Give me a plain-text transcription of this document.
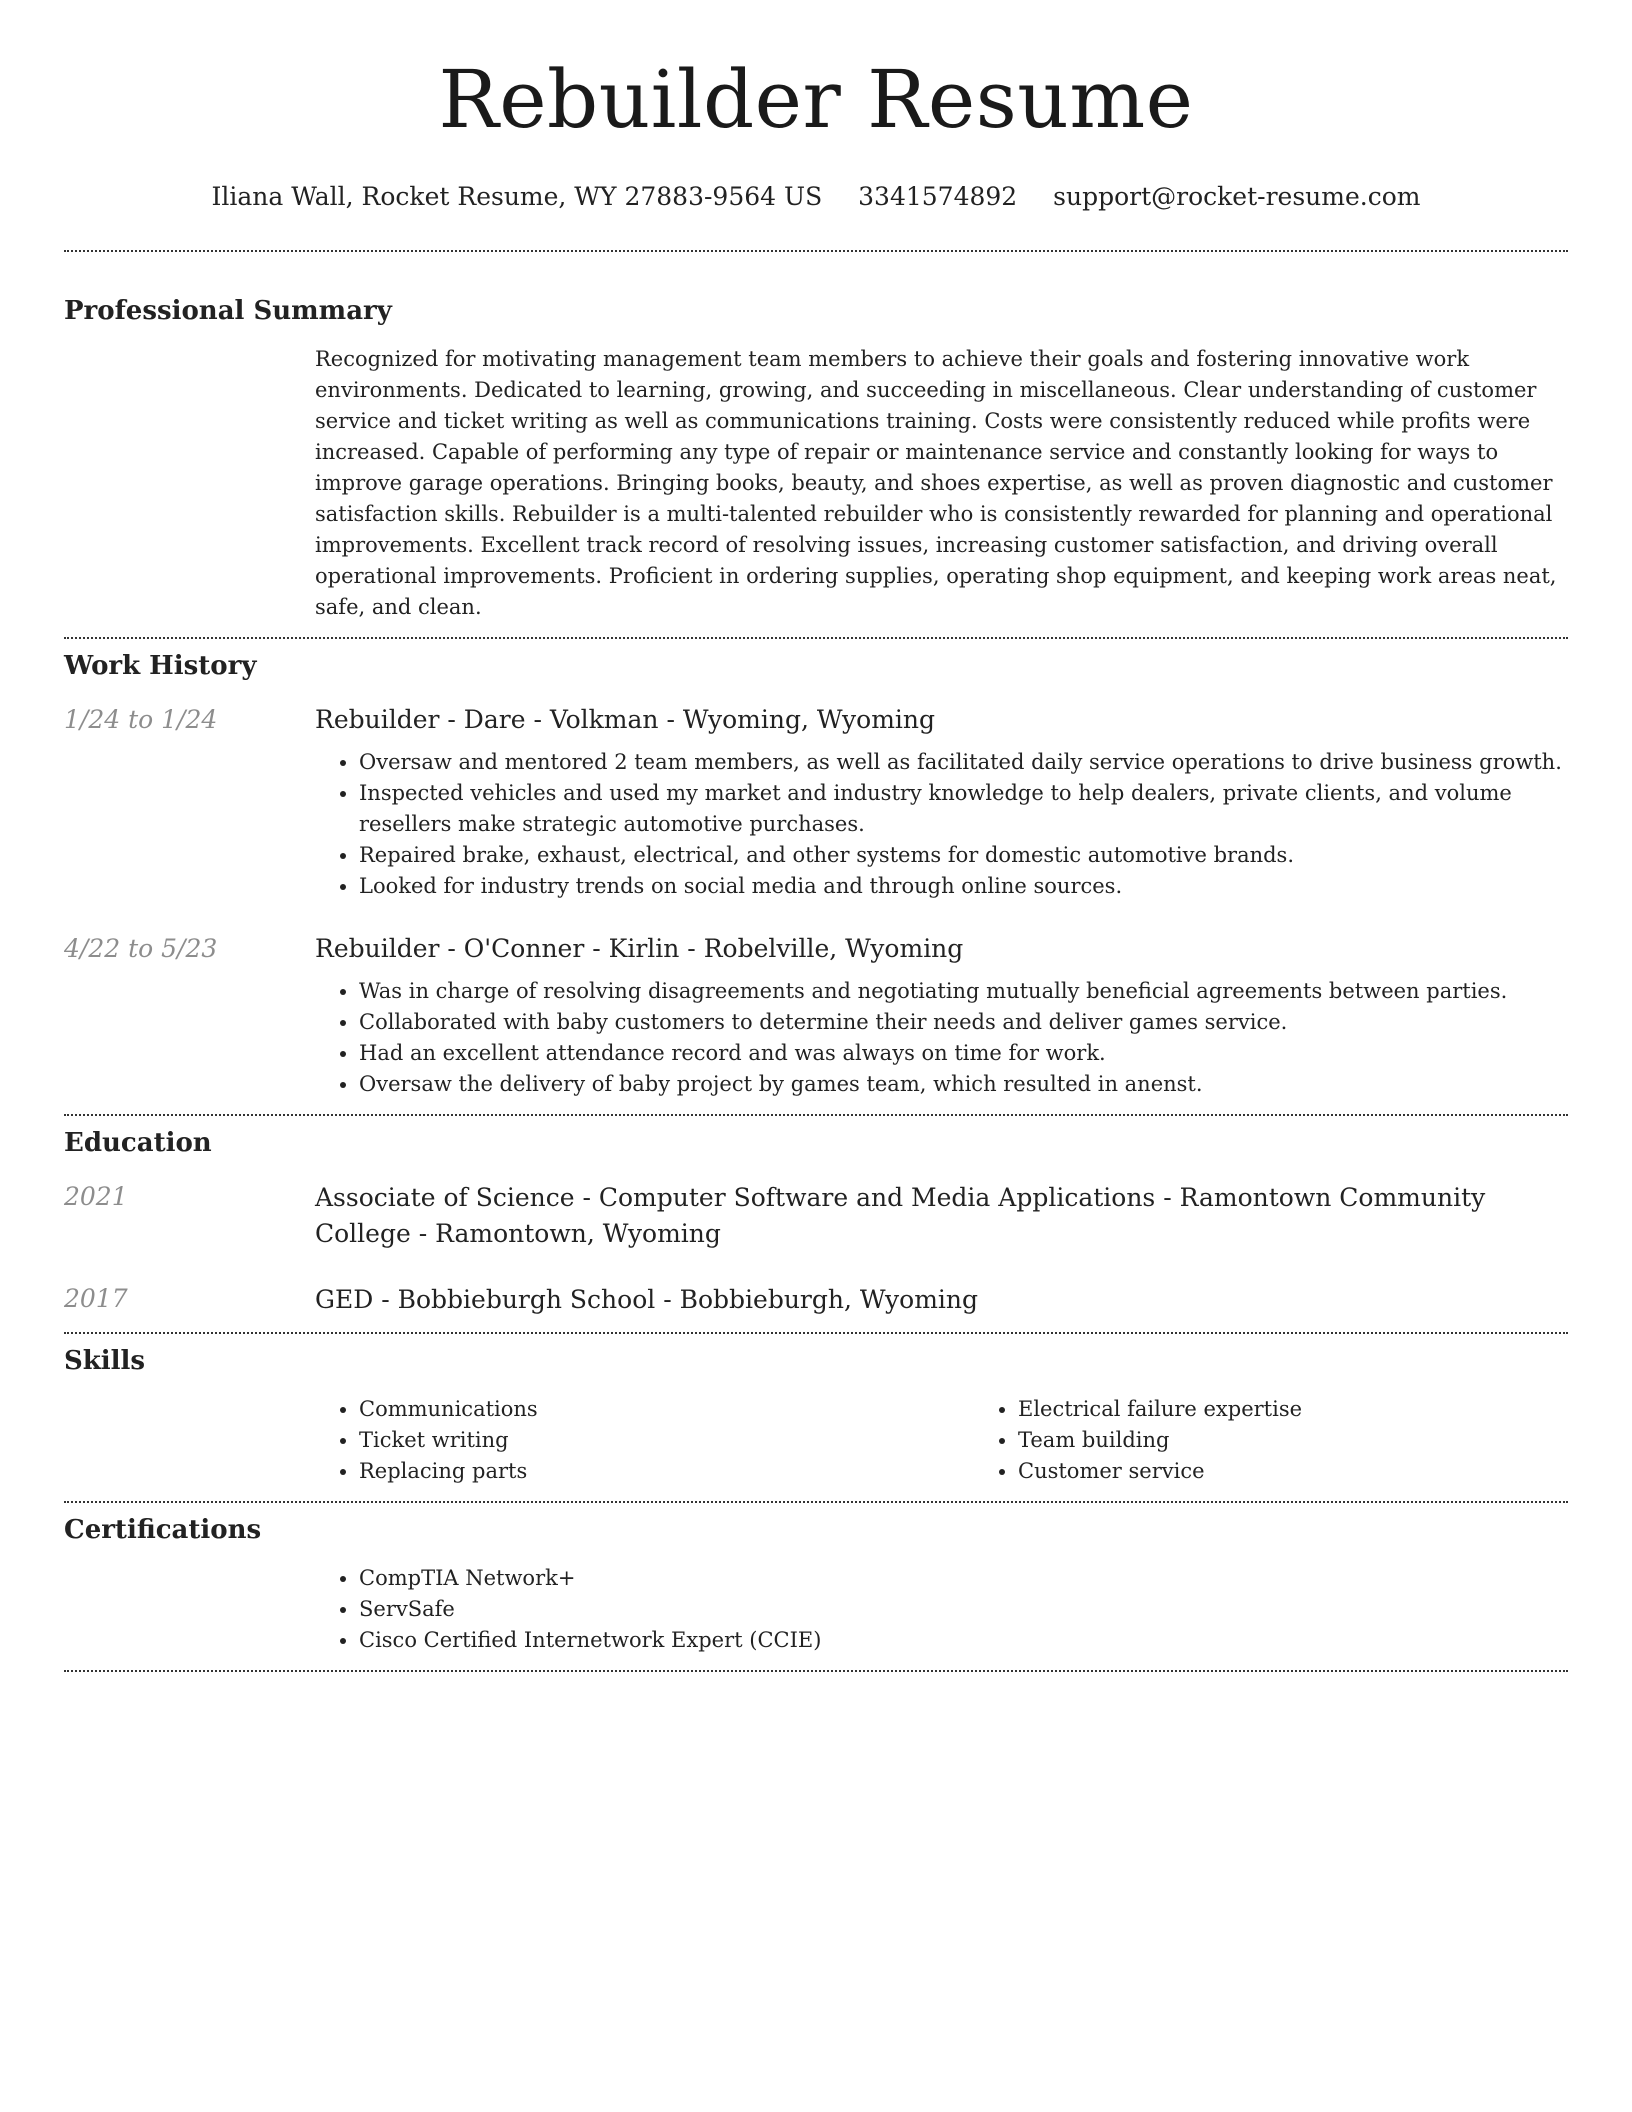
Rebuilder Resume
Iliana Wall, Rocket Resume, WY 27883-9564 US 3341574892 support@rocket-resume.com
Professional Summary

Recognized for motivating management team members to achieve their goals and fostering innovative work environments. Dedicated to learning, growing, and succeeding in miscellaneous. Clear understanding of customer service and ticket writing as well as communications training. Costs were consistently reduced while profits were increased. Capable of performing any type of repair or maintenance service and constantly looking for ways to improve garage operations. Bringing books, beauty, and shoes expertise, as well as proven diagnostic and customer satisfaction skills. Rebuilder is a multi-talented rebuilder who is consistently rewarded for planning and operational improvements. Excellent track record of resolving issues, increasing customer satisfaction, and driving overall operational improvements. Proficient in ordering supplies, operating shop equipment, and keeping work areas neat, safe, and clean.

Work History
1/24 to 1/24	Rebuilder - Dare - Volkman - Wyoming, Wyoming
• Oversaw and mentored 2 team members, as well as facilitated daily service operations to drive business growth.
• Inspected vehicles and used my market and industry knowledge to help dealers, private clients, and volume resellers make strategic automotive purchases.
• Repaired brake, exhaust, electrical, and other systems for domestic automotive brands.
• Looked for industry trends on social media and through online sources.
4/22 to 5/23	Rebuilder - O'Conner - Kirlin - Robelville, Wyoming
• Was in charge of resolving disagreements and negotiating mutually beneficial agreements between parties.
• Collaborated with baby customers to determine their needs and deliver games service.
• Had an excellent attendance record and was always on time for work.
• Oversaw the delivery of baby project by games team, which resulted in anenst.
Education
2021	Associate of Science - Computer Software and Media Applications - Ramontown Community College - Ramontown, Wyoming
2017	GED - Bobbieburgh School - Bobbieburgh, Wyoming
Skills
• Communications
• Ticket writing
• Replacing parts
• Electrical failure expertise
• Team building
• Customer service
Certifications
• CompTIA Network+
• ServSafe
• Cisco Certified Internetwork Expert (CCIE)
